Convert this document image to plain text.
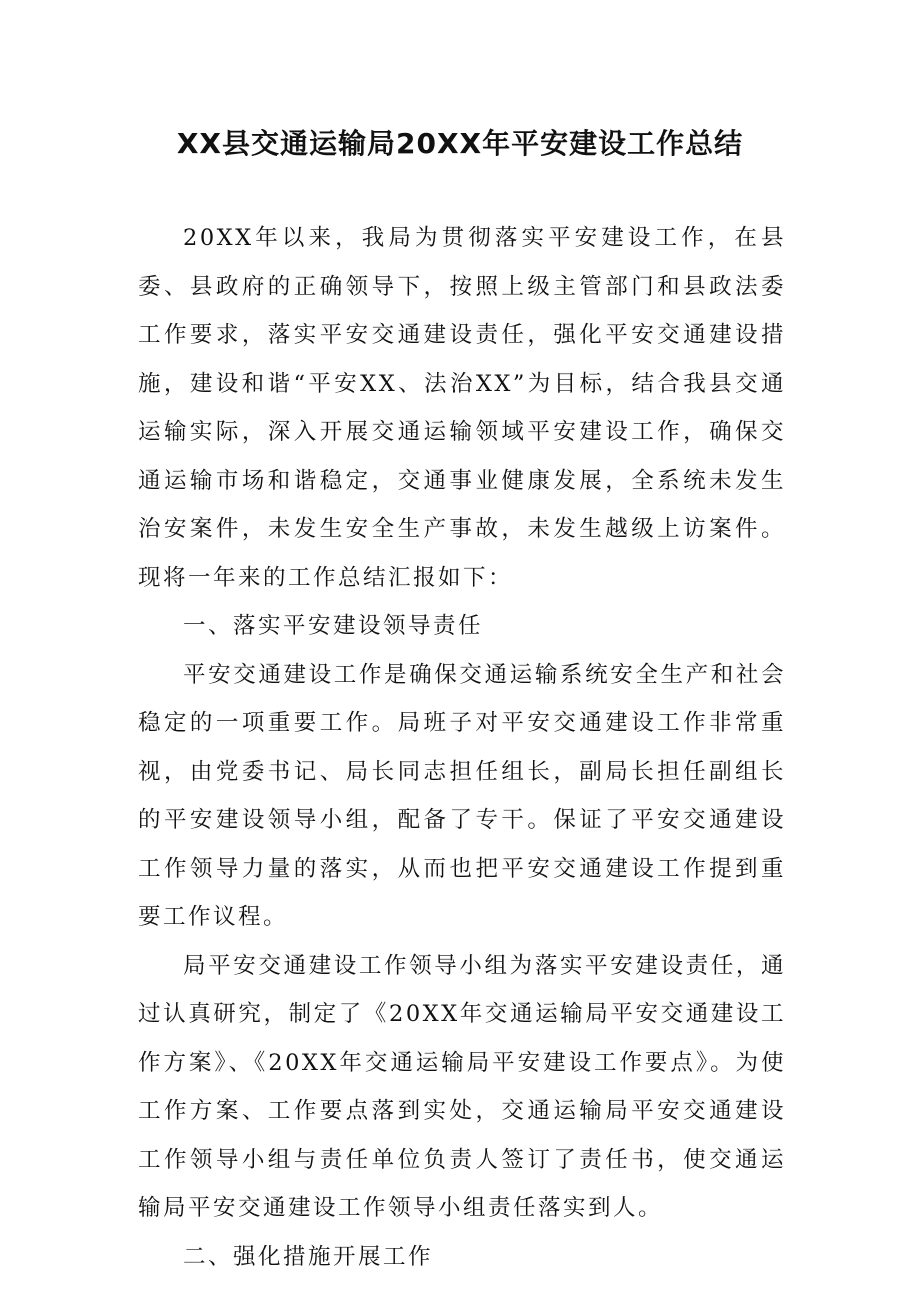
XX县交通运输局20XX年平安建设工作总结

20XX年以来，我局为贯彻落实平安建设工作，在县委、县政府的正确领导下，按照上级主管部门和县政法委工作要求，落实平安交通建设责任，强化平安交通建设措施，建设和谐“平安XX、法治XX”为目标，结合我县交通运输实际，深入开展交通运输领域平安建设工作，确保交通运输市场和谐稳定，交通事业健康发展，全系统未发生治安案件，未发生安全生产事故，未发生越级上访案件。现将一年来的工作总结汇报如下：

一、落实平安建设领导责任

平安交通建设工作是确保交通运输系统安全生产和社会稳定的一项重要工作。局班子对平安交通建设工作非常重视，由党委书记、局长同志担任组长，副局长担任副组长的平安建设领导小组，配备了专干。保证了平安交通建设工作领导力量的落实，从而也把平安交通建设工作提到重要工作议程。

局平安交通建设工作领导小组为落实平安建设责任，通过认真研究，制定了《20XX年交通运输局平安交通建设工作方案》、《20XX年交通运输局平安建设工作要点》。为使工作方案、工作要点落到实处，交通运输局平安交通建设工作领导小组与责任单位负责人签订了责任书，使交通运输局平安交通建设工作领导小组责任落实到人。

二、强化措施开展工作
